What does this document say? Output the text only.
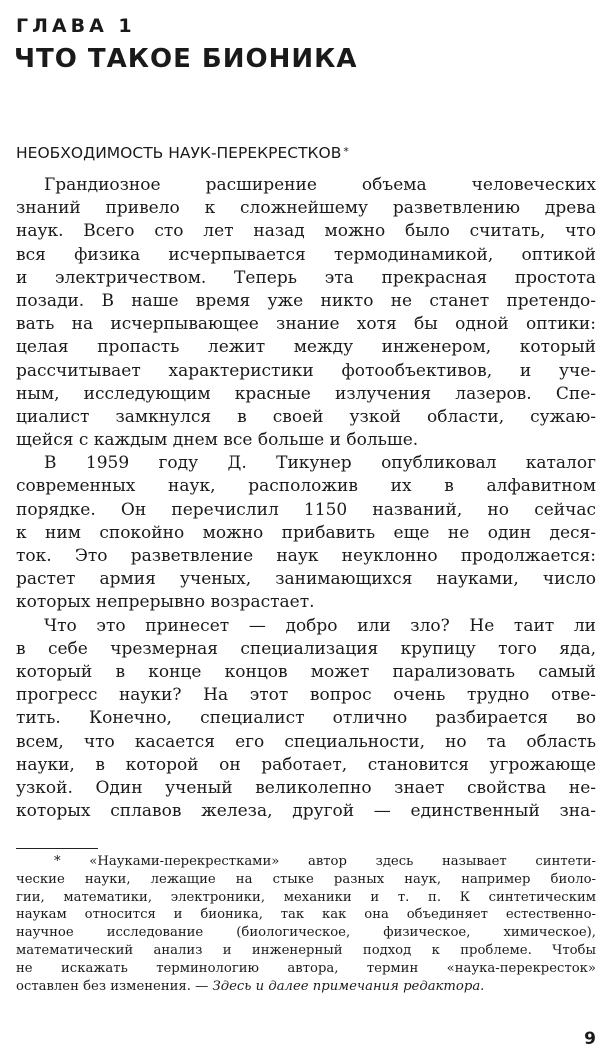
ГЛАВА 1
ЧТО ТАКОЕ БИОНИКА
НЕОБХОДИМОСТЬ НАУК-ПЕРЕКРЕСТКОВ *
Грандиозное расширение объема человеческих
знаний привело к сложнейшему разветвлению древа
наук. Всего сто лет назад можно было считать, что
вся физика исчерпывается термодинамикой, оптикой
и электричеством. Теперь эта прекрасная простота
позади. В наше время уже никто не станет претендо-
вать на исчерпывающее знание хотя бы одной оптики:
целая пропасть лежит между инженером, который
рассчитывает характеристики фотообъективов, и уче-
ным, исследующим красные излучения лазеров. Спе-
циалист замкнулся в своей узкой области, сужаю-
щейся с каждым днем все больше и больше.
В 1959 году Д. Тикунер опубликовал каталог
современных наук, расположив их в алфавитном
порядке. Он перечислил 1150 названий, но сейчас
к ним спокойно можно прибавить еще не один деся-
ток. Это разветвление наук неуклонно продолжается:
растет армия ученых, занимающихся науками, число
которых непрерывно возрастает.
Что это принесет — добро или зло? Не таит ли
в себе чрезмерная специализация крупицу того яда,
который в конце концов может парализовать самый
прогресс науки? На этот вопрос очень трудно отве-
тить. Конечно, специалист отлично разбирается во
всем, что касается его специальности, но та область
науки, в которой он работает, становится угрожающе
узкой. Один ученый великолепно знает свойства не-
которых сплавов железа, другой — единственный зна-
* «Науками-перекрестками» автор здесь называет синтети-
ческие науки, лежащие на стыке разных наук, например биоло-
гии, математики, электроники, механики и т. п. К синтетическим
наукам относится и бионика, так как она объединяет естественно-
научное исследование (биологическое, физическое, химическое),
математический анализ и инженерный подход к проблеме. Чтобы
не искажать терминологию автора, термин «наука-перекресток»
оставлен без изменения. — Здесь и далее примечания редактора.
9
